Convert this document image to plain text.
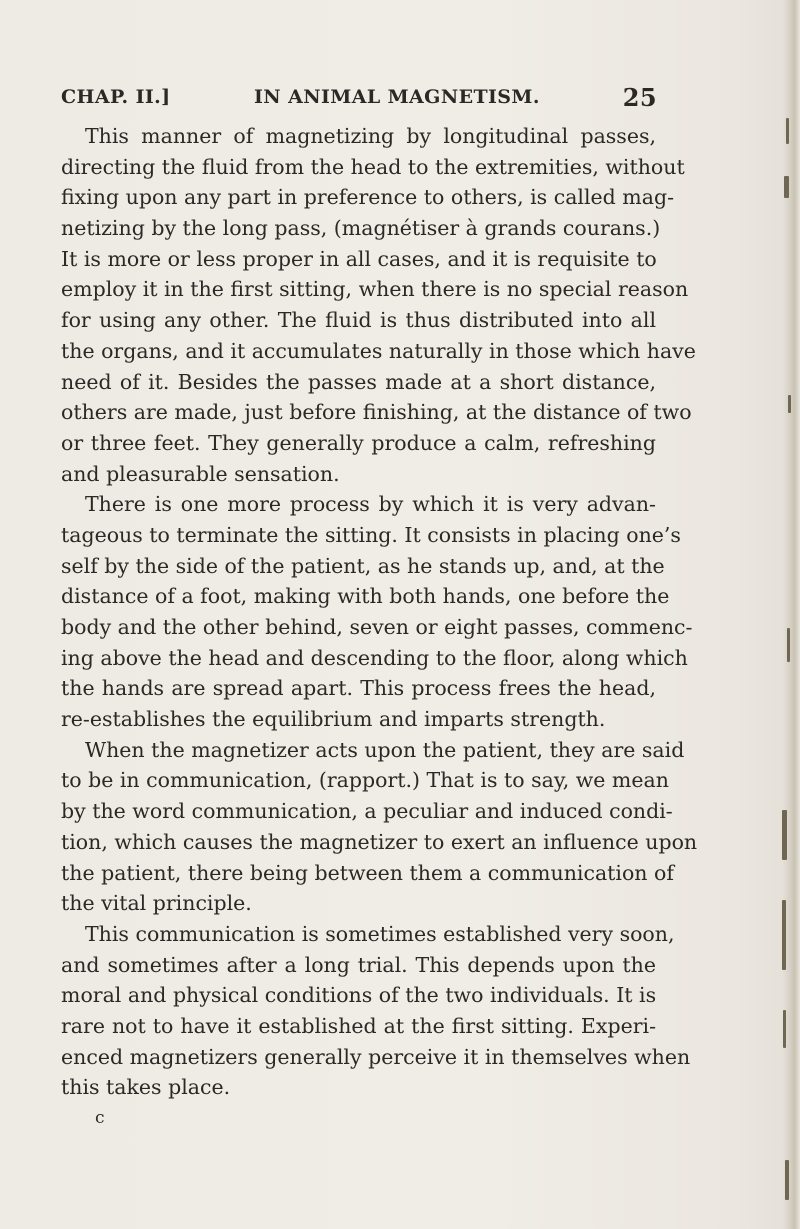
CHAP. II.]	IN ANIMAL MAGNETISM.	25
This manner of magnetizing by longitudinal passes,
directing the fluid from the head to the extremities, without
fixing upon any part in preference to others, is called mag-
netizing by the long pass, (magnétiser à grands courans.)
It is more or less proper in all cases, and it is requisite to
employ it in the first sitting, when there is no special reason
for using any other. The fluid is thus distributed into all
the organs, and it accumulates naturally in those which have
need of it. Besides the passes made at a short distance,
others are made, just before finishing, at the distance of two
or three feet. They generally produce a calm, refreshing
and pleasurable sensation.
There is one more process by which it is very advan-
tageous to terminate the sitting. It consists in placing one’s
self by the side of the patient, as he stands up, and, at the
distance of a foot, making with both hands, one before the
body and the other behind, seven or eight passes, commenc-
ing above the head and descending to the floor, along which
the hands are spread apart. This process frees the head,
re-establishes the equilibrium and imparts strength.
When the magnetizer acts upon the patient, they are said
to be in communication, (rapport.) That is to say, we mean
by the word communication, a peculiar and induced condi-
tion, which causes the magnetizer to exert an influence upon
the patient, there being between them a communication of
the vital principle.
This communication is sometimes established very soon,
and sometimes after a long trial. This depends upon the
moral and physical conditions of the two individuals. It is
rare not to have it established at the first sitting. Experi-
enced magnetizers generally perceive it in themselves when
this takes place.
c
